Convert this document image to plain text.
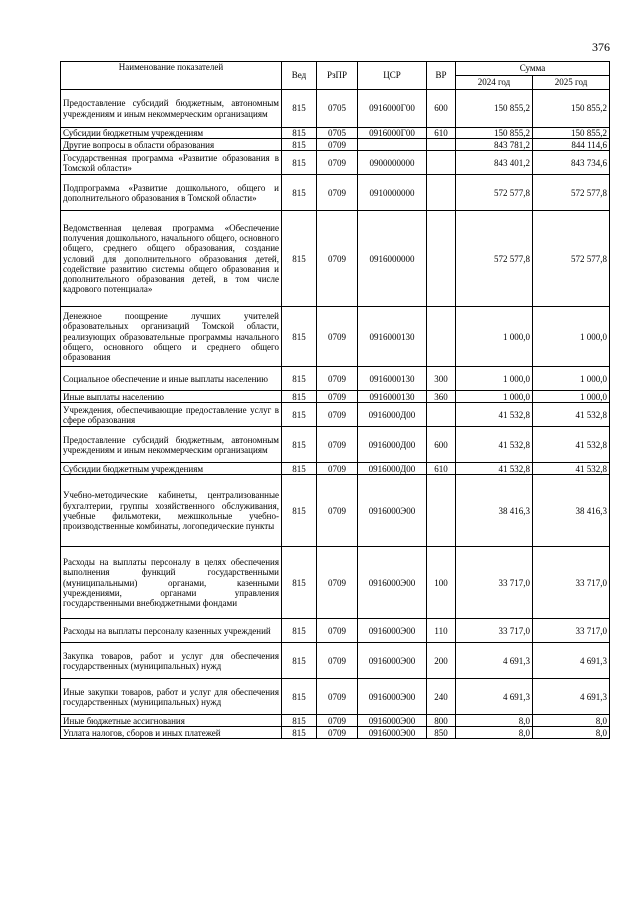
376
Наименование показателей	Вед	РзПР	ЦСР	ВР	Сумма	
					2024 год	2025 год
Предоставление субсидий бюджетным, автономным учреждениям и иным некоммерческим организациям	815	0705	0916000Г00	600	150 855,2	150 855,2
Субсидии бюджетным учреждениям	815	0705	0916000Г00	610	150 855,2	150 855,2
Другие вопросы в области образования	815	0709			843 781,2	844 114,6
Государственная программа «Развитие образования в Томской области»	815	0709	0900000000		843 401,2	843 734,6
Подпрограмма «Развитие дошкольного, общего и дополнительного образования в Томской области»	815	0709	0910000000		572 577,8	572 577,8
Ведомственная целевая программа «Обеспечение получения дошкольного, начального общего, основного общего, среднего общего образования, создание условий для дополнительного образования детей, содействие развитию системы общего образования и дополнительного образования детей, в том числе кадрового потенциала»	815	0709	0916000000		572 577,8	572 577,8
Денежное поощрение лучших учителей образовательных организаций Томской области, реализующих образовательные программы начального общего, основного общего и среднего общего образования	815	0709	0916000130		1 000,0	1 000,0
Социальное обеспечение и иные выплаты населению	815	0709	0916000130	300	1 000,0	1 000,0
Иные выплаты населению	815	0709	0916000130	360	1 000,0	1 000,0
Учреждения, обеспечивающие предоставление услуг в сфере образования	815	0709	0916000Д00		41 532,8	41 532,8
Предоставление субсидий бюджетным, автономным учреждениям и иным некоммерческим организациям	815	0709	0916000Д00	600	41 532,8	41 532,8
Субсидии бюджетным учреждениям	815	0709	0916000Д00	610	41 532,8	41 532,8
Учебно-методические кабинеты, централизованные бухгалтерии, группы хозяйственного обслуживания, учебные фильмотеки, межшкольные учебно-производственные комбинаты, логопедические пункты	815	0709	0916000Э00		38 416,3	38 416,3
Расходы на выплаты персоналу в целях обеспечения выполнения функций государственными (муниципальными) органами, казенными учреждениями, органами управления государственными внебюджетными фондами	815	0709	0916000Э00	100	33 717,0	33 717,0
Расходы на выплаты персоналу казенных учреждений	815	0709	0916000Э00	110	33 717,0	33 717,0
Закупка товаров, работ и услуг для обеспечения государственных (муниципальных) нужд	815	0709	0916000Э00	200	4 691,3	4 691,3
Иные закупки товаров, работ и услуг для обеспечения государственных (муниципальных) нужд	815	0709	0916000Э00	240	4 691,3	4 691,3
Иные бюджетные ассигнования	815	0709	0916000Э00	800	8,0	8,0
Уплата налогов, сборов и иных платежей	815	0709	0916000Э00	850	8,0	8,0
